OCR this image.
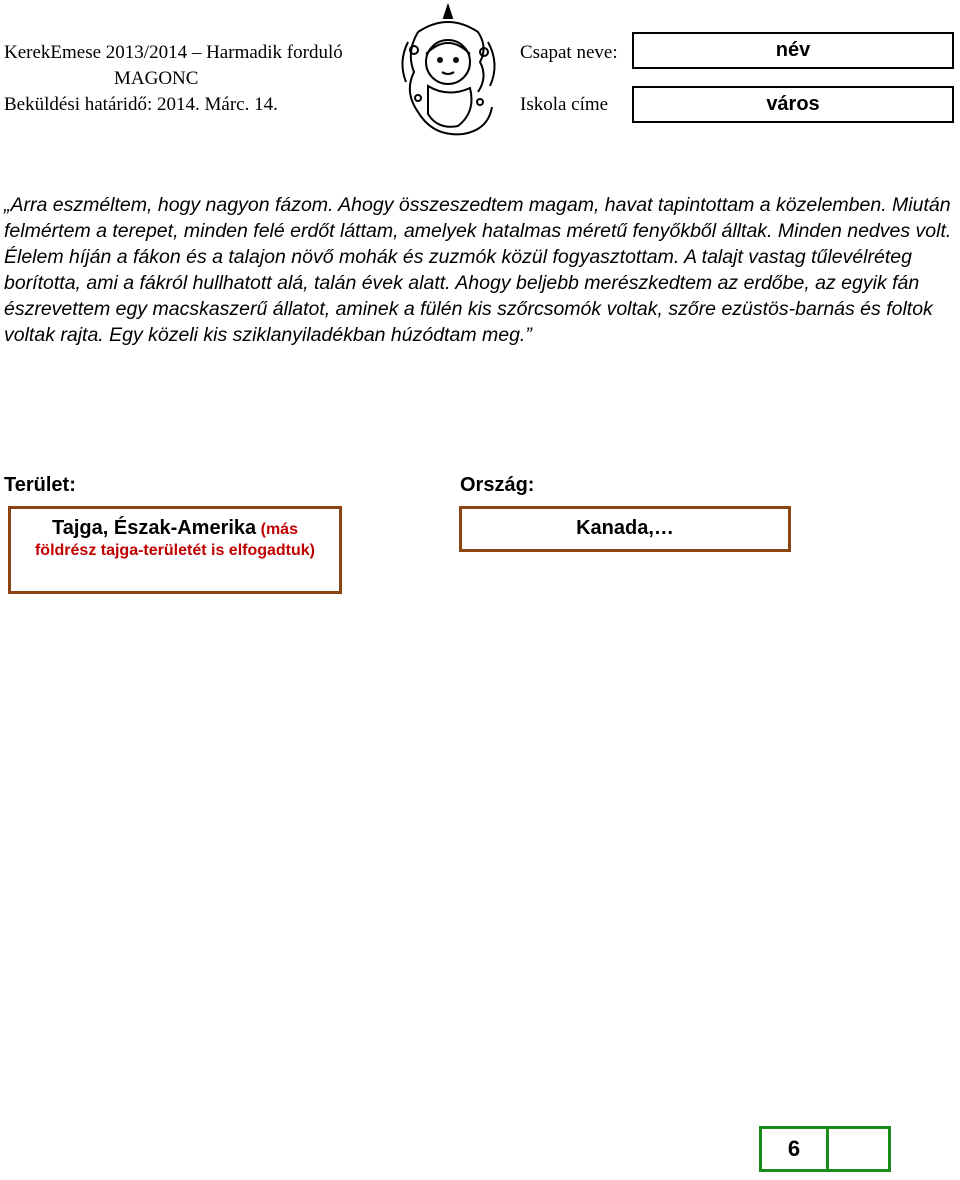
KerekEmese 2013/2014 – Harmadik forduló
MAGONC
Beküldési határidő: 2014. Márc. 14.
Csapat neve:
Iskola címe
név
város
„Arra eszméltem, hogy nagyon fázom. Ahogy összeszedtem magam, havat tapintottam a közelemben. Miután felmértem a terepet, minden felé erdőt láttam, amelyek hatalmas méretű fenyőkből álltak. Minden nedves volt. Élelem híján a fákon és a talajon növő mohák és zuzmók közül fogyasztottam. A talajt vastag tűlevélréteg borította, ami a fákról hullhatott alá, talán évek alatt. Ahogy beljebb merészkedtem az erdőbe, az egyik fán észrevettem egy macskaszerű állatot, aminek a fülén kis szőrcsomók voltak, szőre ezüstös-barnás és foltok voltak rajta. Egy közeli kis sziklanyiladékban húzódtam meg.”
Terület:	Ország:
Tajga, Észak-Amerika (más
földrész tajga-területét is elfogadtuk)
Kanada,…
6
